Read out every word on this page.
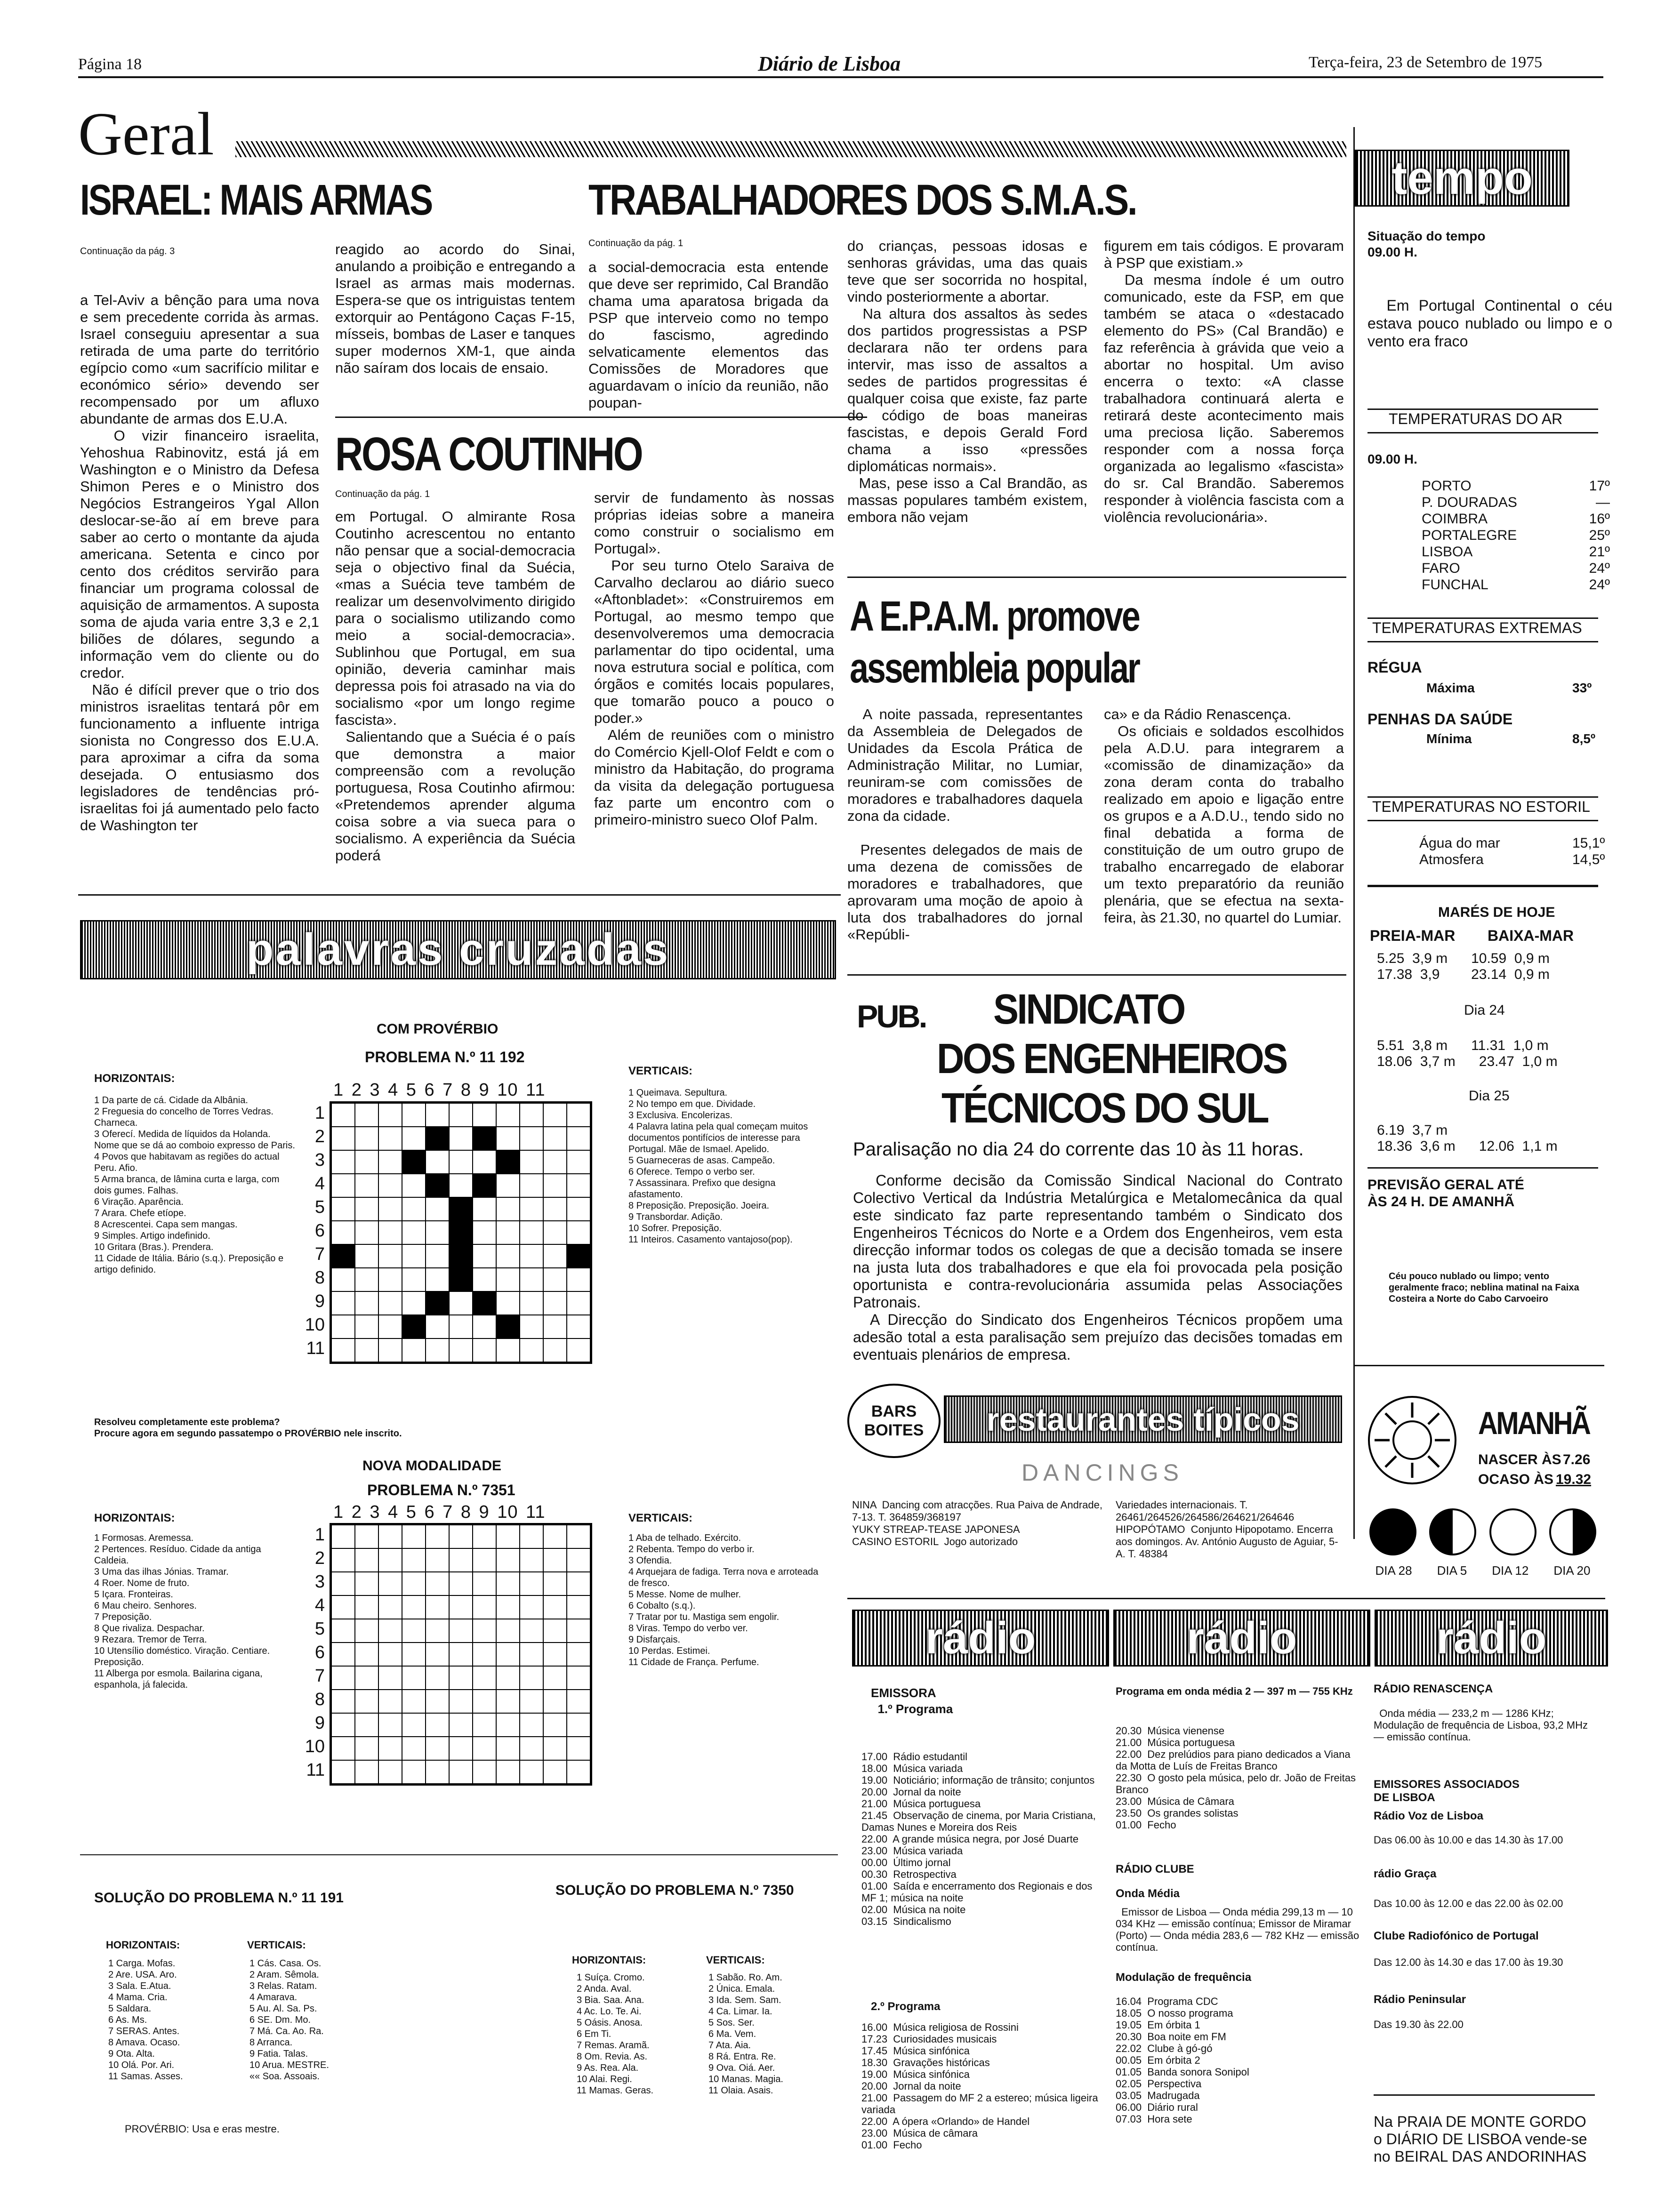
Página 18	Diário de Lisboa	Terça-feira, 23 de Setembro de 1975
Geral
ISRAEL: MAIS ARMAS
Continuação da pág. 3
a Tel-Aviv a bênção para uma nova e sem precedente corrida às armas. Israel conseguiu apresentar a sua retirada de uma parte do território egípcio como «um sacrifício militar e económico sério» devendo ser recompensado por um afluxo abundante de armas dos E.U.A.
O vizir financeiro israelita, Yehoshua Rabinovitz, está já em Washington e o Ministro da Defesa Shimon Peres e o Ministro dos Negócios Estrangeiros Ygal Allon deslocar-se-ão aí em breve para saber ao certo o montante da ajuda americana. Setenta e cinco por cento dos créditos servirão para financiar um programa colossal de aquisição de armamentos. A suposta soma de ajuda varia entre 3,3 e 2,1 biliões de dólares, segundo a informação vem do cliente ou do credor.
Não é difícil prever que o trio dos ministros israelitas tentará pôr em funcionamento a influente intriga sionista no Congresso dos E.U.A. para aproximar a cifra da soma desejada. O entusiasmo dos legisladores de tendências pró-israelitas foi já aumentado pelo facto de Washington ter
reagido ao acordo do Sinai, anulando a proibição e entregando a Israel as armas mais modernas. Espera-se que os intriguistas tentem extorquir ao Pentágono Caças F-15, mísseis, bombas de Laser e tanques super modernos XM-1, que ainda não saíram dos locais de ensaio.
ROSA COUTINHO
Continuação da pág. 1
em Portugal. O almirante Rosa Coutinho acrescentou no entanto não pensar que a social-democracia seja o objectivo final da Suécia, «mas a Suécia teve também de realizar um desenvolvimento dirigido para o socialismo utilizando como meio a social-democracia». Sublinhou que Portugal, em sua opinião, deveria caminhar mais depressa pois foi atrasado na via do socialismo «por um longo regime fascista».
Salientando que a Suécia é o país que demonstra a maior compreensão com a revolução portuguesa, Rosa Coutinho afirmou: «Pretendemos aprender alguma coisa sobre a via sueca para o socialismo. A experiência da Suécia poderá
servir de fundamento às nossas próprias ideias sobre a maneira como construir o socialismo em Portugal».
Por seu turno Otelo Saraiva de Carvalho declarou ao diário sueco «Aftonbladet»: «Construiremos em Portugal, ao mesmo tempo que desenvolveremos uma democracia parlamentar do tipo ocidental, uma nova estrutura social e política, com órgãos e comités locais populares, que tomarão pouco a pouco o poder.»
Além de reuniões com o ministro do Comércio Kjell-Olof Feldt e com o ministro da Habitação, do programa da visita da delegação portuguesa faz parte um encontro com o primeiro-ministro sueco Olof Palm.
TRABALHADORES DOS S.M.A.S.
Continuação da pág. 1
a social-democracia esta entende que deve ser reprimido, Cal Brandão chama uma aparatosa brigada da PSP que interveio como no tempo do fascismo, agredindo selvaticamente elementos das Comissões de Moradores que aguardavam o início da reunião, não poupan-
do crianças, pessoas idosas e senhoras grávidas, uma das quais teve que ser socorrida no hospital, vindo posteriormente a abortar.
Na altura dos assaltos às sedes dos partidos progressistas a PSP declarara não ter ordens para intervir, mas isso de assaltos a sedes de partidos progressitas é qualquer coisa que existe, faz parte do código de boas maneiras fascistas, e depois Gerald Ford chama a isso «pressões diplomáticas normais».
Mas, pese isso a Cal Brandão, as massas populares também existem, embora não vejam
figurem em tais códigos. E provaram à PSP que existiam.»
Da mesma índole é um outro comunicado, este da FSP, em que também se ataca o «destacado elemento do PS» (Cal Brandão) e faz referência à grávida que veio a abortar no hospital. Um aviso encerra o texto: «A classe trabalhadora continuará alerta e retirará deste acontecimento mais uma preciosa lição. Saberemos responder com a nossa força organizada ao legalismo «fascista» do sr. Cal Brandão. Saberemos responder à violência fascista com a violência revolucionária».
A E.P.A.M. promove
assembleia popular
A noite passada, representantes da Assembleia de Delegados de Unidades da Escola Prática de Administração Militar, no Lumiar, reuniram-se com comissões de moradores e trabalhadores daquela zona da cidade.

Presentes delegados de mais de uma dezena de comissões de moradores e trabalhadores, que aprovaram uma moção de apoio à luta dos trabalhadores do jornal «Repúbli-
ca» e da Rádio Renascença.
Os oficiais e soldados escolhidos pela A.D.U. para integrarem a «comissão de dinamização» da zona deram conta do trabalho realizado em apoio e ligação entre os grupos e a A.D.U., tendo sido no final debatida a forma de constituição de um outro grupo de trabalho encarregado de elaborar um texto preparatório da reunião plenária, que se efectua na sexta-feira, às 21.30, no quartel do Lumiar.
PUB. SINDICATO
DOS ENGENHEIROS
TÉCNICOS DO SUL
Paralisação no dia 24 do corrente das 10 às 11 horas.
Conforme decisão da Comissão Sindical Nacional do Contrato Colectivo Vertical da Indústria Metalúrgica e Metalomecânica da qual este sindicato faz parte representando também o Sindicato dos Engenheiros Técnicos do Norte e a Ordem dos Engenheiros, vem esta direcção informar todos os colegas de que a decisão tomada se insere na justa luta dos trabalhadores e que ela foi provocada pela posição oportunista e contra-revolucionária assumida pelas Associações Patronais.
A Direcção do Sindicato dos Engenheiros Técnicos propõem uma adesão total a esta paralisação sem prejuízo das decisões tomadas em eventuais plenários de empresa.
tempo
Situação do tempo
09.00 H.
Em Portugal Continental o céu estava pouco nublado ou limpo e o vento era fraco
TEMPERATURAS DO AR
09.00 H.
PORTO	17º
P. DOURADAS	—
COIMBRA	16º
PORTALEGRE	25º
LISBOA	21º
FARO	24º
FUNCHAL	24º
TEMPERATURAS EXTREMAS
RÉGUA
Máxima	33º
PENHAS DA SAÚDE
Mínima	8,5º
TEMPERATURAS NO ESTORIL
Água do mar	15,1º
Atmosfera	14,5º
MARÉS DE HOJE
PREIA-MAR BAIXA-MAR
5.25  3,9 m      10.59  0,9 m
17.38  3,9        23.14  0,9 m
Dia 24
5.51  3,8 m      11.31  1,0 m
18.06  3,7 m      23.47  1,0 m
Dia 25
6.19  3,7 m
18.36  3,6 m      12.06  1,1 m
PREVISÃO GERAL ATÉ
ÀS 24 H. DE AMANHÃ
Céu pouco nublado ou limpo; vento geralmente fraco; neblina matinal na Faixa Costeira a Norte do Cabo Carvoeiro
palavras cruzadas
COM PROVÉRBIO
PROBLEMA N.º 11 192
HORIZONTAIS:
VERTICAIS:
1 2 3 4 5 6 7 8 9 10 11
1 Da parte de cá. Cidade da Albânia.
2 Freguesia do concelho de Torres Vedras. Charneca.
3 Oferecí. Medida de líquidos da Holanda. Nome que se dá ao comboio expresso de Paris.
4 Povos que habitavam as regiões do actual Peru. Afio.
5 Arma branca, de lâmina curta e larga, com dois gumes. Falhas.
6 Viração. Aparência.
7 Arara. Chefe etíope.
8 Acrescentei. Capa sem mangas.
9 Simples. Artigo indefinido.
10 Gritara (Bras.). Prendera.
11 Cidade de Itália. Bário (s.q.). Preposição e artigo definido.
1 Queimava. Sepultura.
2 No tempo em que. Dividade.
3 Exclusiva. Encolerizas.
4 Palavra latina pela qual começam muitos documentos pontifícios de interesse para Portugal. Mãe de Ismael. Apelido.
5 Guarneceras de asas. Campeão.
6 Oferece. Tempo o verbo ser.
7 Assassinara. Prefixo que designa afastamento.
8 Preposição. Preposição. Joeira.
9 Transbordar. Adição.
10 Sofrer. Preposição.
11 Inteiros. Casamento vantajoso(pop).
1
2
3
4
5
6
7
8
9
10
11
Resolveu completamente este problema?
Procure agora em segundo passatempo o PROVÉRBIO nele inscrito.
NOVA MODALIDADE
PROBLEMA N.º 7351
HORIZONTAIS:	VERTICAIS:
1 2 3 4 5 6 7 8 9 10 11
1 Formosas. Aremessa.
2 Pertences. Resíduo. Cidade da antiga Caldeia.
3 Uma das ilhas Jónias. Tramar.
4 Roer. Nome de fruto.
5 Içara. Fronteiras.
6 Mau cheiro. Senhores.
7 Preposição.
8 Que rivaliza. Despachar.
9 Rezara. Tremor de Terra.
10 Utensílio doméstico. Viração. Centiare. Preposição.
11 Alberga por esmola. Bailarina cigana, espanhola, já falecida.
1 Aba de telhado. Exército.
2 Rebenta. Tempo do verbo ir.
3 Ofendia.
4 Arquejara de fadiga. Terra nova e arroteada de fresco.
5 Messe. Nome de mulher.
6 Cobalto (s.q.).
7 Tratar por tu. Mastiga sem engolir.
8 Viras. Tempo do verbo ver.
9 Disfarçais.
10 Perdas. Estimei.
11 Cidade de França. Perfume.
1
2
3
4
5
6
7
8
9
10
11
SOLUÇÃO DO PROBLEMA N.º 11 191	SOLUÇÃO DO PROBLEMA N.º 7350
HORIZONTAIS:	VERTICAIS:
1 Carga. Mofas.
2 Are. USA. Aro.
3 Sala. E.Atua.
4 Mama. Cria.
5 Saldara.
6 As. Ms.
7 SERAS. Antes.
8 Amava. Ocaso.
9 Ota. Alta.
10 Olá. Por. Ari.
11 Samas. Asses.
1 Cás. Casa. Os.
2 Aram. Sêmola.
3 Relas. Ratam.
4 Amarava.
5 Au. Al. Sa. Ps.
6 SE. Dm. Mo.
7 Má. Ca. Ao. Ra.
8 Arranca.
9 Fatia. Talas.
10 Arua. MESTRE.
«« Soa. Assoais.
HORIZONTAIS:	VERTICAIS:
1 Suíça. Cromo.
2 Anda. Aval.
3 Bia. Saa. Ana.
4 Ac. Lo. Te. Ai.
5 Oásis. Anosa.
6 Em Ti.
7 Remas. Aramã.
8 Om. Revia. As.
9 As. Rea. Ala.
10 Alai. Regi.
11 Mamas. Geras.
1 Sabão. Ro. Am.
2 Única. Emala.
3 Ida. Sem. Sam.
4 Ca. Limar. Ia.
5 Sos. Ser.
6 Ma. Vem.
7 Ata. Aia.
8 Rá. Entra. Re.
9 Ova. Oiá. Aer.
10 Manas. Magia.
11 Olaia. Asais.
PROVÉRBIO: Usa e eras mestre.
BARS
BOITES	restaurantes típicos
DANCINGS
NINA  Dancing com atracções. Rua Paiva de Andrade, 7-13. T. 364859/368197
YUKY STREAP-TEASE JAPONESA
CASINO ESTORIL  Jogo autorizado
Variedades internacionais. T. 26461/264526/264586/264621/264646
HIPOPÓTAMO  Conjunto Hipopotamo. Encerra aos domingos. Av. António Augusto de Aguiar, 5-A. T. 48384
AMANHÃ
NASCER ÀS 7.26
OCASO ÀS 19.32
DIA 28 DIA 5 DIA 12 DIA 20
rádio	rádio	rádio
EMISSORA
1.º Programa
17.00  Rádio estudantil
18.00  Música variada
19.00  Noticiário; informação de trânsito; conjuntos
20.00  Jornal da noite
21.00  Música portuguesa
21.45  Observação de cinema, por Maria Cristiana, Damas Nunes e Moreira dos Reis
22.00  A grande música negra, por José Duarte
23.00  Música variada
00.00  Último jornal
00.30  Retrospectiva
01.00  Saída e encerramento dos Regionais e dos MF 1; música na noite
02.00  Música na noite
03.15  Sindicalismo
2.º Programa
16.00  Música religiosa de Rossini
17.23  Curiosidades musicais
17.45  Música sinfónica
18.30  Gravações históricas
19.00  Música sinfónica
20.00  Jornal da noite
21.00  Passagem do MF 2 a estereo; música ligeira variada
22.00  A ópera «Orlando» de Handel
23.00  Música de câmara
01.00  Fecho
Programa em onda média 2 — 397 m — 755 KHz
20.30  Música vienense
21.00  Música portuguesa
22.00  Dez prelúdios para piano dedicados a Viana da Motta de Luís de Freitas Branco
22.30  O gosto pela música, pelo dr. João de Freitas Branco
23.00  Música de Câmara
23.50  Os grandes solistas
01.00  Fecho
RÁDIO CLUBE
Onda Média
Emissor de Lisboa — Onda média 299,13 m — 10 034 KHz — emissão contínua; Emissor de Miramar (Porto) — Onda média 283,6 — 782 KHz — emissão contínua.
Modulação de frequência
16.04  Programa CDC
18.05  O nosso programa
19.05  Em órbita 1
20.30  Boa noite em FM
22.02  Clube à gó-gó
00.05  Em órbita 2
01.05  Banda sonora Sonipol
02.05  Perspectiva
03.05  Madrugada
06.00  Diário rural
07.03  Hora sete
RÁDIO RENASCENÇA
Onda média — 233,2 m — 1286 KHz; Modulação de frequência de Lisboa, 93,2 MHz — emissão contínua.
EMISSORES ASSOCIADOS
DE LISBOA
Rádio Voz de Lisboa
Das 06.00 às 10.00 e das 14.30 às 17.00
rádio Graça
Das 10.00 às 12.00 e das 22.00 às 02.00
Clube Radiofónico de Portugal
Das 12.00 às 14.30 e das 17.00 às 19.30
Rádio Peninsular
Das 19.30 às 22.00
Na PRAIA DE MONTE GORDO o DIÁRIO DE LISBOA vende-se no BEIRAL DAS ANDORINHAS
